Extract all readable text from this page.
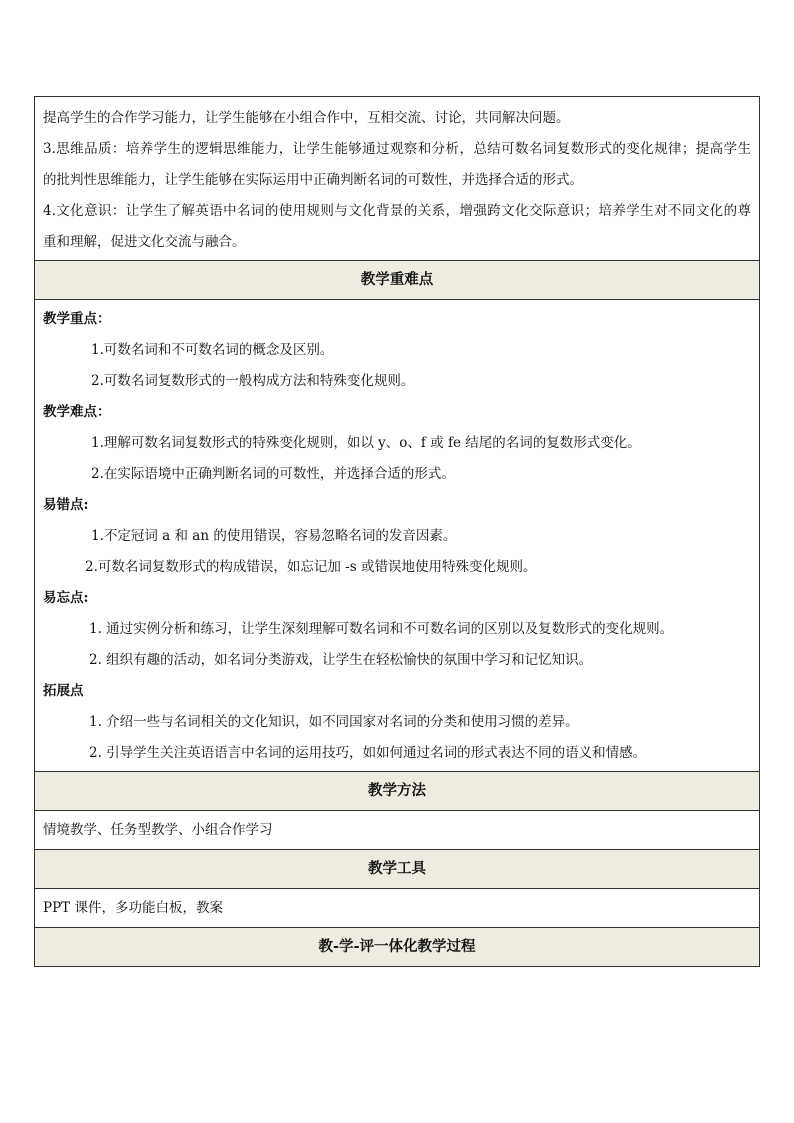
提高学生的合作学习能力，让学生能够在小组合作中，互相交流、讨论，共同解决问题。
3.思维品质：培养学生的逻辑思维能力，让学生能够通过观察和分析，总结可数名词复数形式的变化规律；提高学生
的批判性思维能力，让学生能够在实际运用中正确判断名词的可数性，并选择合适的形式。
4.文化意识：让学生了解英语中名词的使用规则与文化背景的关系，增强跨文化交际意识；培养学生对不同文化的尊
重和理解，促进文化交流与融合。

教学重难点

教学重点：
1.可数名词和不可数名词的概念及区别。
2.可数名词复数形式的一般构成方法和特殊变化规则。
教学难点：
1.理解可数名词复数形式的特殊变化规则，如以 y、o、f 或 fe 结尾的名词的复数形式变化。
2.在实际语境中正确判断名词的可数性，并选择合适的形式。
易错点:
1.不定冠词 a 和 an 的使用错误，容易忽略名词的发音因素。
2.可数名词复数形式的构成错误，如忘记加 -s 或错误地使用特殊变化规则。
易忘点:
1. 通过实例分析和练习，让学生深刻理解可数名词和不可数名词的区别以及复数形式的变化规则。
2. 组织有趣的活动，如名词分类游戏，让学生在轻松愉快的氛围中学习和记忆知识。
拓展点
1. 介绍一些与名词相关的文化知识，如不同国家对名词的分类和使用习惯的差异。
2. 引导学生关注英语语言中名词的运用技巧，如如何通过名词的形式表达不同的语义和情感。

教学方法

情境教学、任务型教学、小组合作学习

教学工具

PPT 课件，多功能白板，教案

教-学-评一体化教学过程
